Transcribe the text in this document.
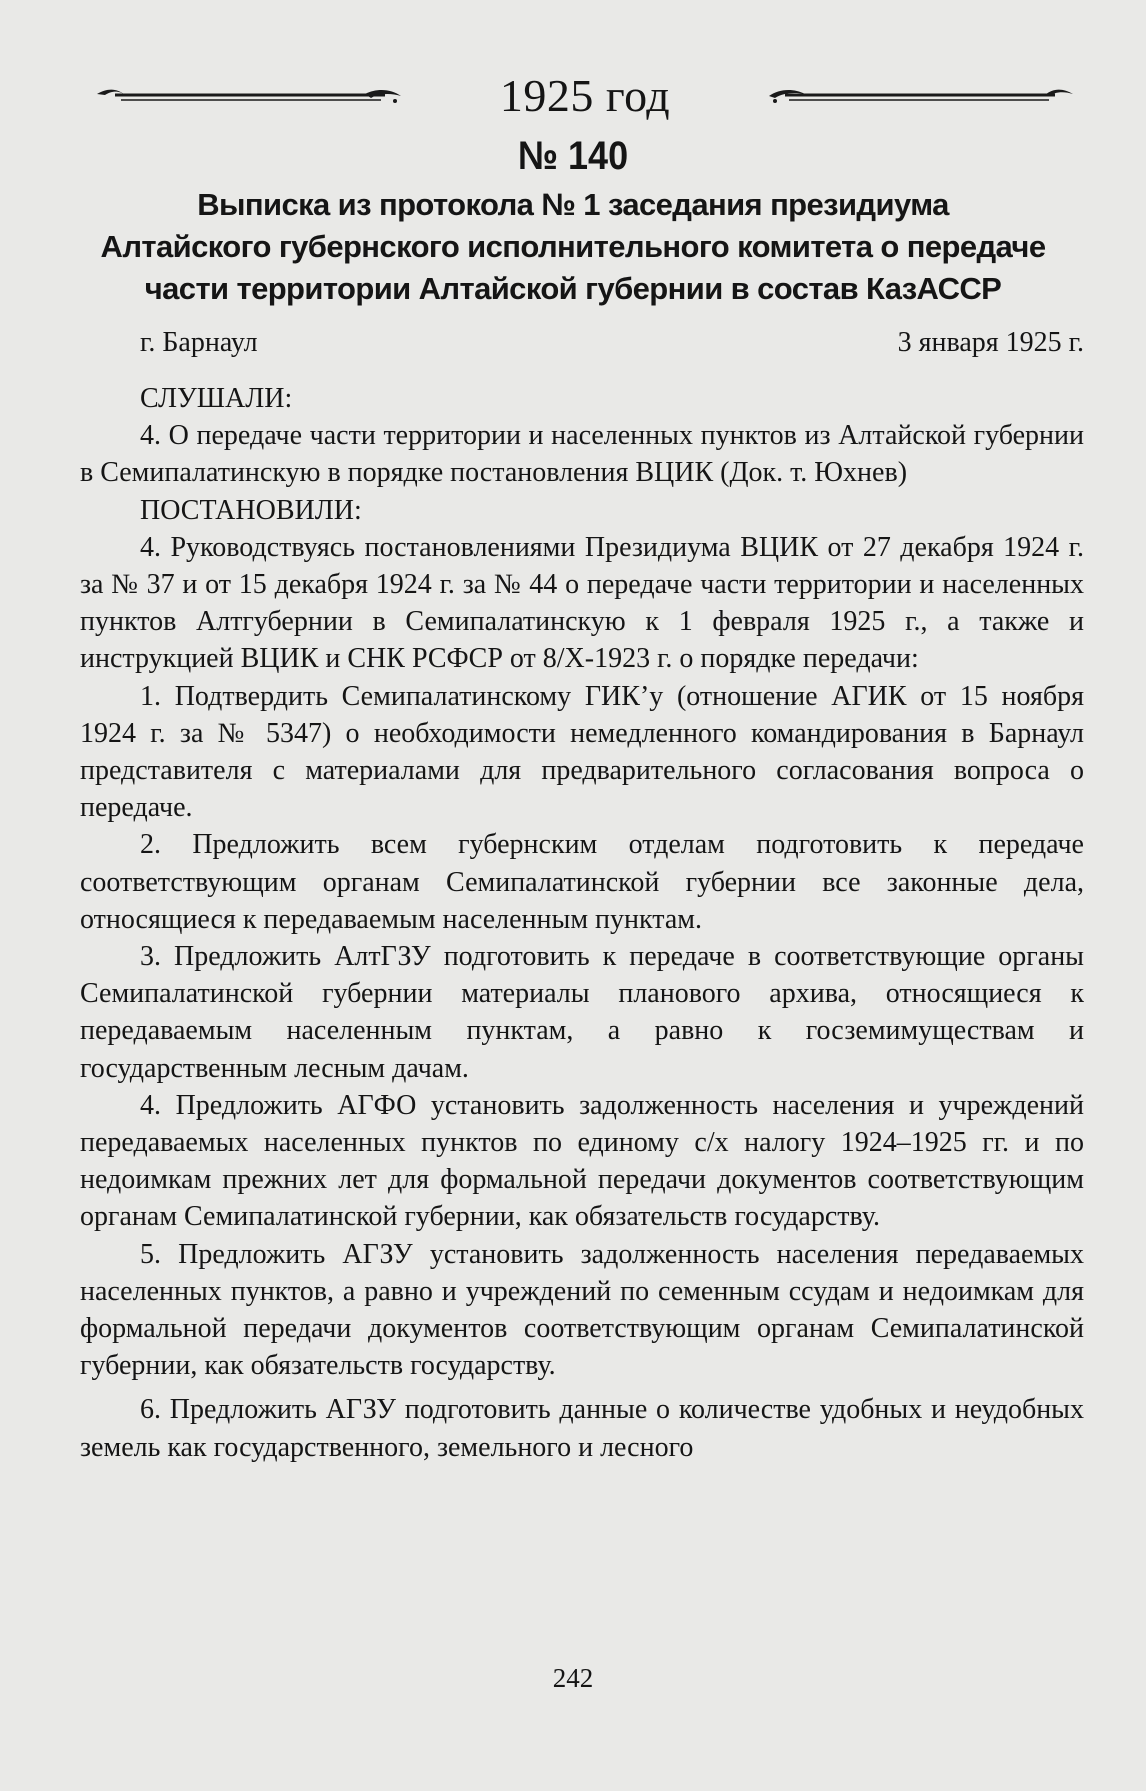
1925 год
№ 140
Выписка из протокола № 1 заседания президиума
Алтайского губернского исполнительного комитета о передаче
части территории Алтайской губернии в состав КазАССР
г. Барнаул	3 января 1925 г.

СЛУШАЛИ:

4. О передаче части территории и населенных пунктов из Алтайской губернии в Семипалатинскую в порядке постановления ВЦИК (Док. т. Юхнев)

ПОСТАНОВИЛИ:

4. Руководствуясь постановлениями Президиума ВЦИК от 27 декабря 1924 г. за № 37 и от 15 декабря 1924 г. за № 44 о передаче части территории и населенных пунктов Алтгубернии в Семипалатинскую к 1 февраля 1925 г., а также и инструкцией ВЦИК и СНК РСФСР от 8/X-1923 г. о порядке передачи:

1. Подтвердить Семипалатинскому ГИК’у (отношение АГИК от 15 ноября 1924 г. за № 5347) о необходимости немедленного командирования в Барнаул представителя с материалами для предварительного согласования вопроса о передаче.

2. Предложить всем губернским отделам подготовить к передаче соответствующим органам Семипалатинской губернии все законные дела, относящиеся к передаваемым населенным пунктам.

3. Предложить АлтГЗУ подготовить к передаче в соответствующие органы Семипалатинской губернии материалы планового архива, относящиеся к передаваемым населенным пунктам, а равно к госземимуществам и государственным лесным дачам.

4. Предложить АГФО установить задолженность населения и учреждений передаваемых населенных пунктов по единому с/х налогу 1924–1925 гг. и по недоимкам прежних лет для формальной передачи документов соответствующим органам Семипалатинской губернии, как обязательств государству.

5. Предложить АГЗУ установить задолженность населения передаваемых населенных пунктов, а равно и учреждений по семенным ссудам и недоимкам для формальной передачи документов соответствующим органам Семипалатинской губернии, как обязательств государству.

6. Предложить АГЗУ подготовить данные о количестве удобных и неудобных земель как государственного, земельного и лесного

242
